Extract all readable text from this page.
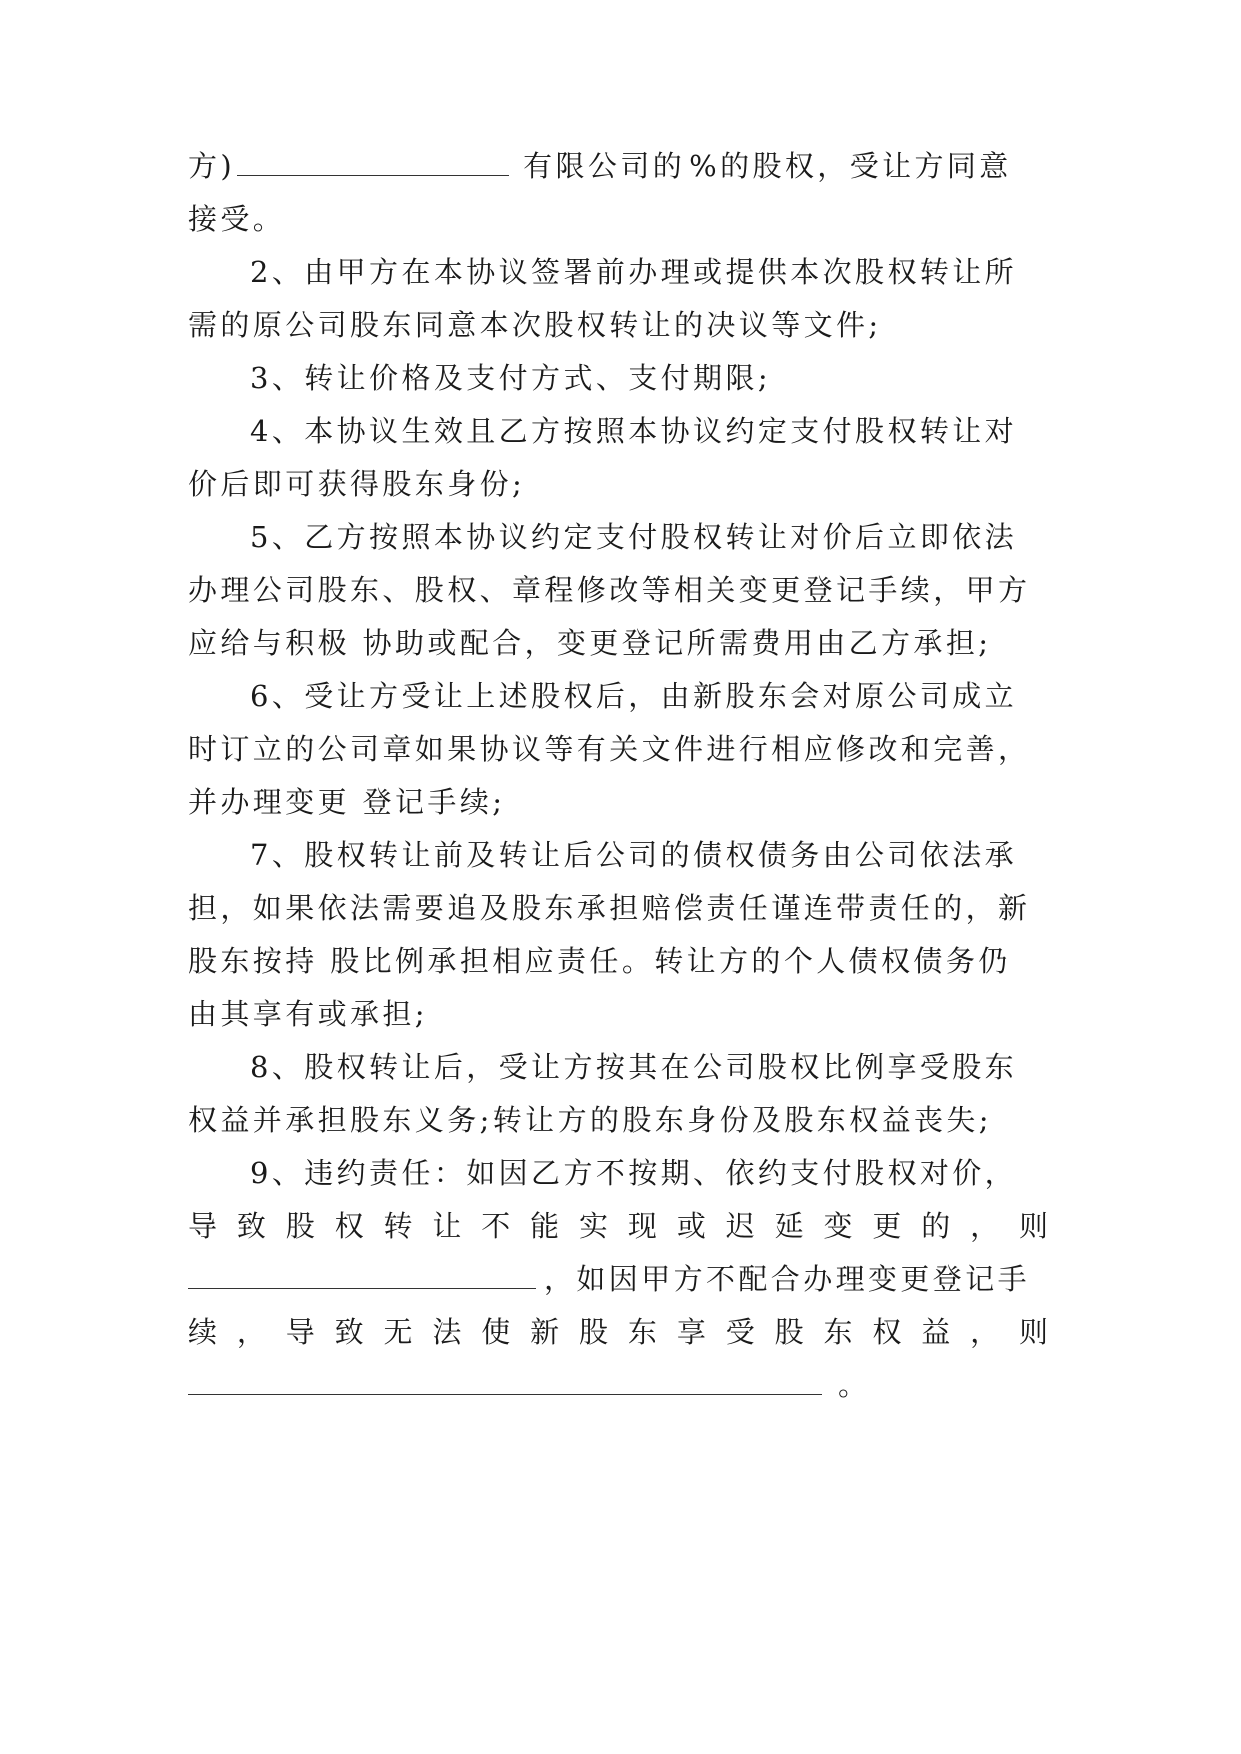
方)	有限公司的 %的股权，受让方同意
接受。
2、由甲方在本协议签署前办理或提供本次股权转让所
需的原公司股东同意本次股权转让的决议等文件;
3、转让价格及支付方式、支付期限;
4、本协议生效且乙方按照本协议约定支付股权转让对
价后即可获得股东身份;
5、乙方按照本协议约定支付股权转让对价后立即依法
办理公司股东、股权、章程修改等相关变更登记手续，甲方
应给与积极 协助或配合，变更登记所需费用由乙方承担;
6、受让方受让上述股权后，由新股东会对原公司成立
时订立的公司章如果协议等有关文件进行相应修改和完善，
并办理变更 登记手续;
7、股权转让前及转让后公司的债权债务由公司依法承
担，如果依法需要追及股东承担赔偿责任谨连带责任的，新
股东按持 股比例承担相应责任。转让方的个人债权债务仍
由其享有或承担;
8、股权转让后，受让方按其在公司股权比例享受股东
权益并承担股东义务;转让方的股东身份及股东权益丧失;
9、违约责任：如因乙方不按期、依约支付股权对价，
导致股权转让不能实现或迟延变更的，则
，如因甲方不配合办理变更登记手
续，导致无法使新股东享受股东权益，则
。
